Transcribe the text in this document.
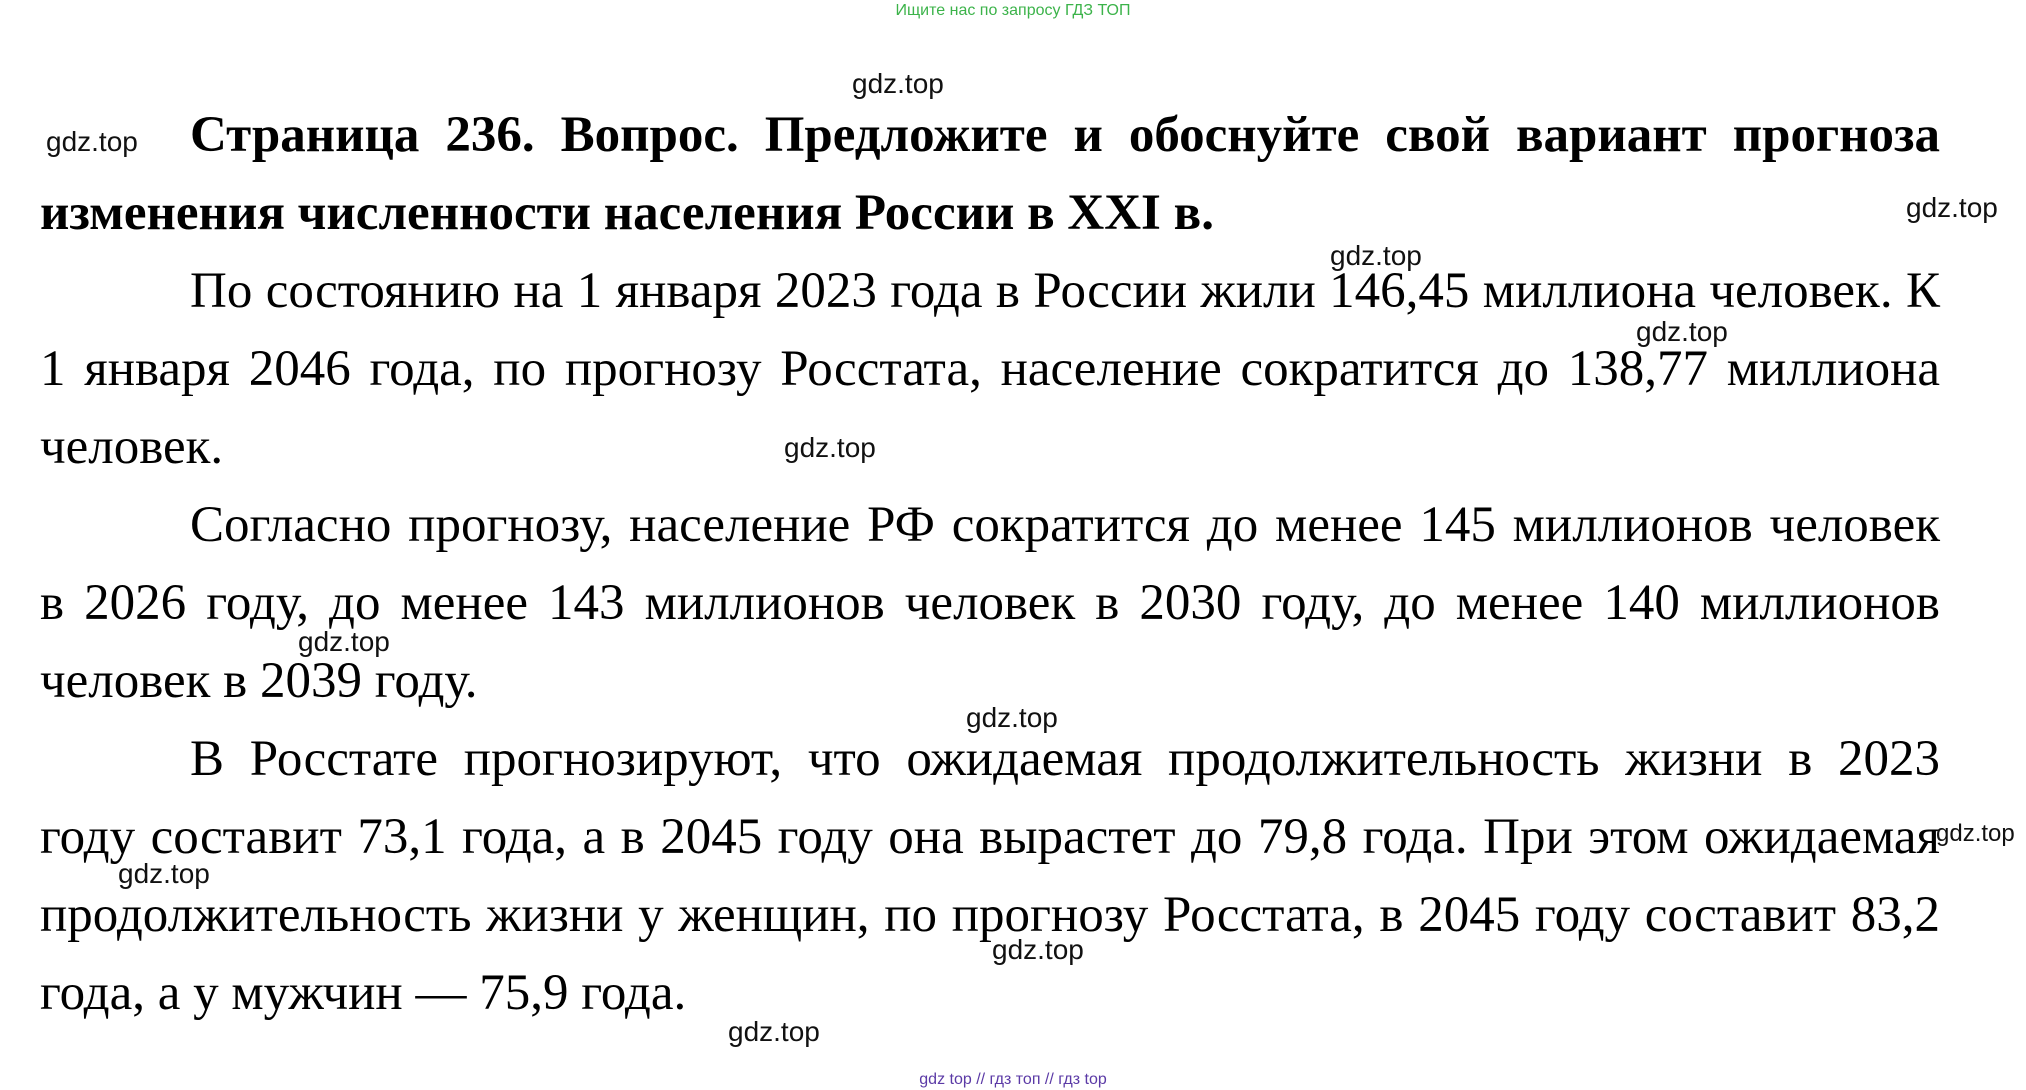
Ищите нас по запросу ГДЗ ТОП

Страница 236. Вопрос. Предложите и обоснуйте свой вариант прогноза изменения численности населения России в XXI в.

По состоянию на 1 января 2023 года в России жили 146,45 миллиона человек. К 1 января 2046 года, по прогнозу Росстата, население сократится до 138,77 миллиона человек.

Согласно прогнозу, население РФ сократится до менее 145 миллионов человек в 2026 году, до менее 143 миллионов человек в 2030 году, до менее 140 миллионов человек в 2039 году.

В Росстате прогнозируют, что ожидаемая продолжительность жизни в 2023 году составит 73,1 года, а в 2045 году она вырастет до 79,8 года. При этом ожидаемая продолжительность жизни у женщин, по прогнозу Росстата, в 2045 году составит 83,2 года, а у мужчин — 75,9 года.

gdz.top
gdz.top
gdz.top
gdz.top
gdz.top
gdz.top
gdz.top
gdz.top
gdz.top
gdz.top
gdz.top
gdz.top
gdz top // гдз топ // гдз top
